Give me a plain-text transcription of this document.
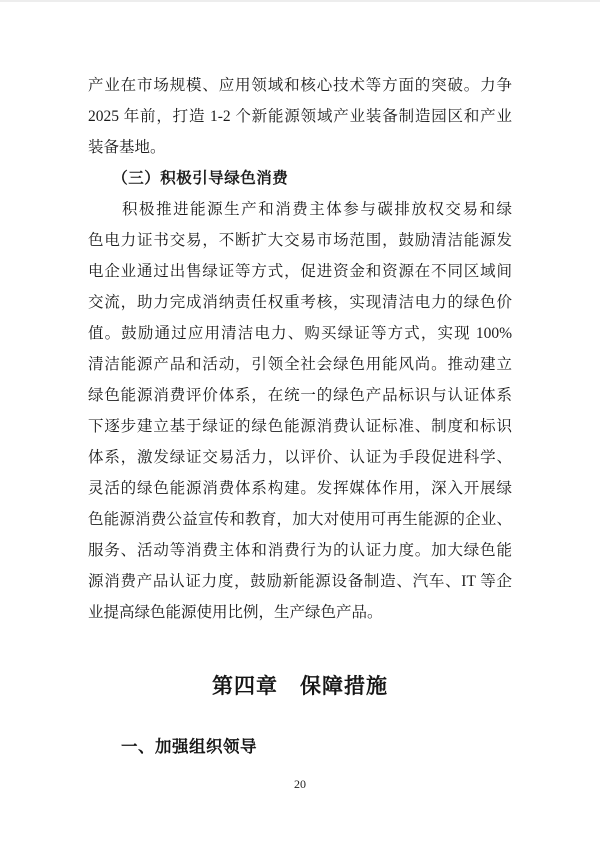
产业在市场规模、应用领域和核心技术等方面的突破。力争
2025 年前，打造 1-2 个新能源领域产业装备制造园区和产业
装备基地。
　　（三）积极引导绿色消费
　　积极推进能源生产和消费主体参与碳排放权交易和绿
色电力证书交易，不断扩大交易市场范围，鼓励清洁能源发
电企业通过出售绿证等方式，促进资金和资源在不同区域间
交流，助力完成消纳责任权重考核，实现清洁电力的绿色价
值。鼓励通过应用清洁电力、购买绿证等方式，实现 100%
清洁能源产品和活动，引领全社会绿色用能风尚。推动建立
绿色能源消费评价体系，在统一的绿色产品标识与认证体系
下逐步建立基于绿证的绿色能源消费认证标准、制度和标识
体系，激发绿证交易活力，以评价、认证为手段促进科学、
灵活的绿色能源消费体系构建。发挥媒体作用，深入开展绿
色能源消费公益宣传和教育，加大对使用可再生能源的企业、
服务、活动等消费主体和消费行为的认证力度。加大绿色能
源消费产品认证力度，鼓励新能源设备制造、汽车、IT 等企
业提高绿色能源使用比例，生产绿色产品。
第四章　保障措施
一、加强组织领导
20
